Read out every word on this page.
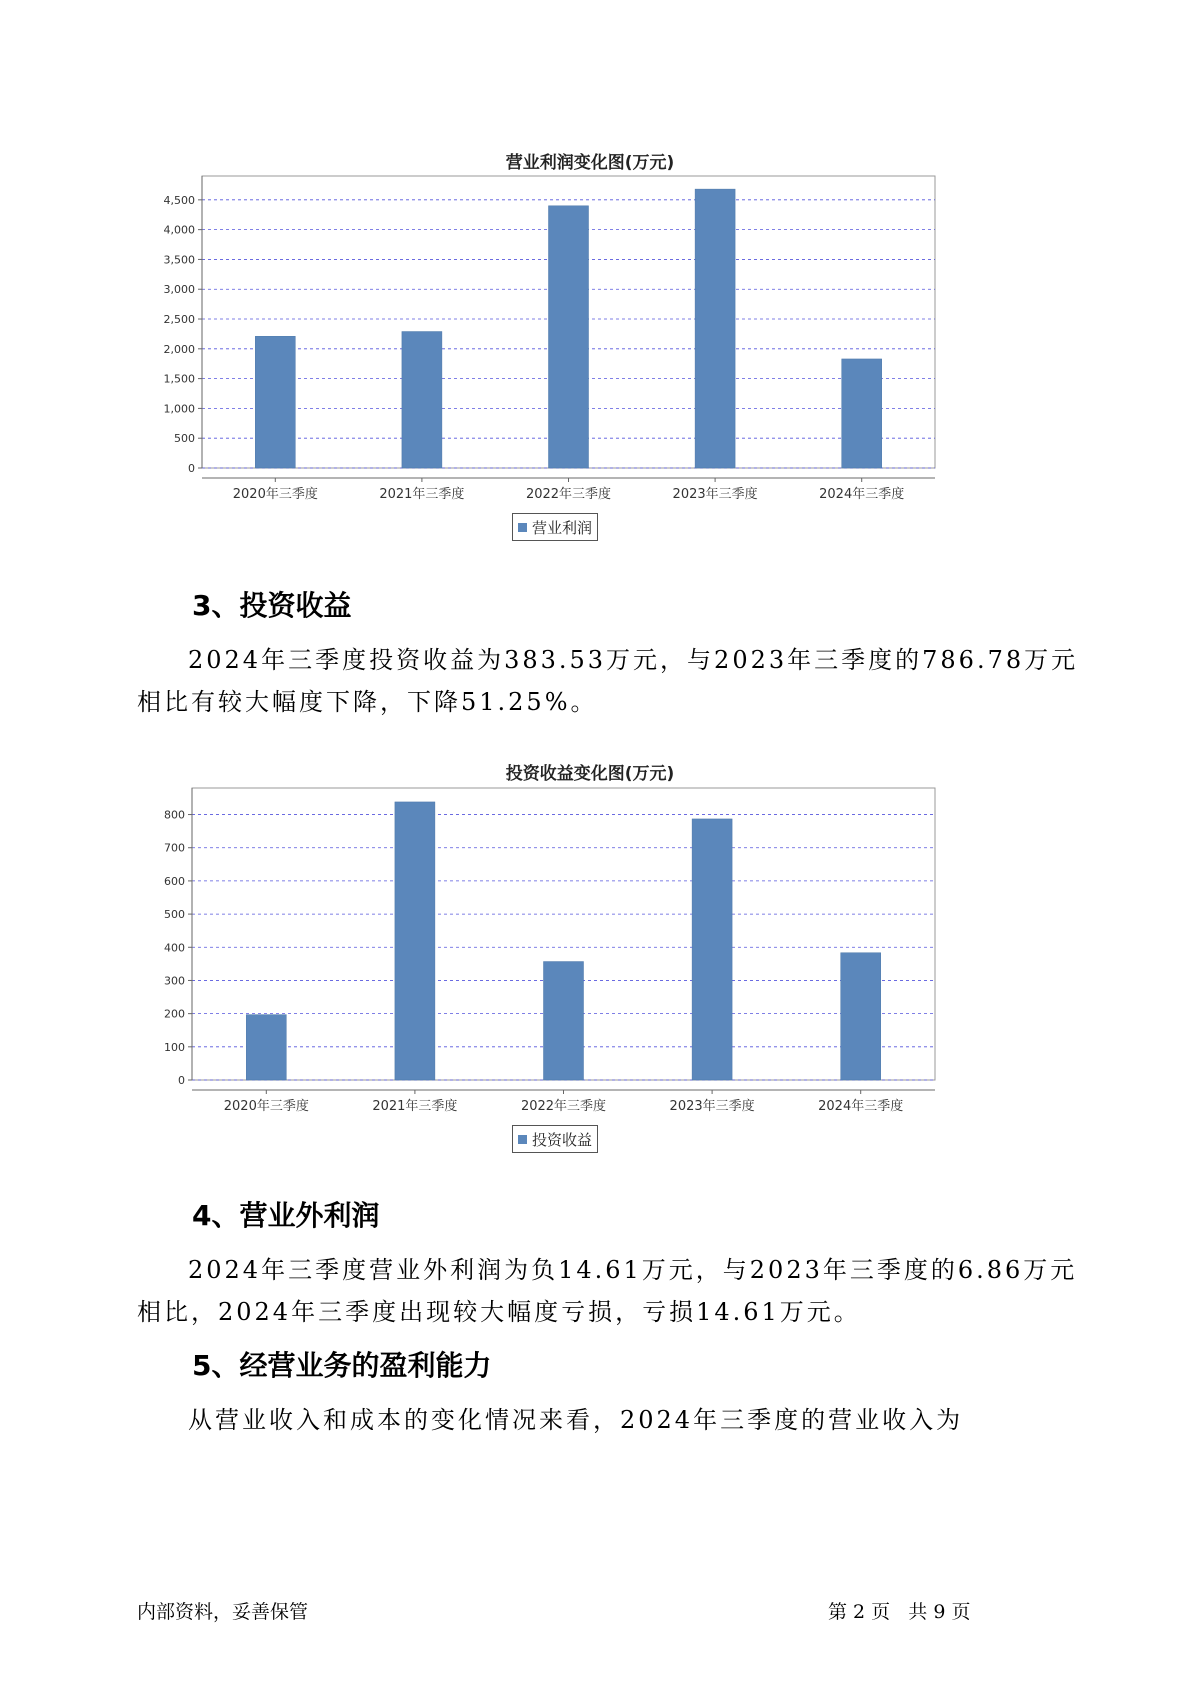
营业利润变化图(万元)
0
500
1,000
1,500
2,000
2,500
3,000
3,500
4,000
4,500
2020年三季度	2021年三季度	2022年三季度	2023年三季度	2024年三季度
营业利润
3、投资收益
2024年三季度投资收益为383.53万元，与2023年三季度的786.78万元
相比有较大幅度下降，下降51.25%。
投资收益变化图(万元)
0
100
200
300
400
500
600
700
800
2020年三季度	2021年三季度	2022年三季度	2023年三季度	2024年三季度
投资收益
4、营业外利润
2024年三季度营业外利润为负14.61万元，与2023年三季度的6.86万元
相比，2024年三季度出现较大幅度亏损，亏损14.61万元。
5、经营业务的盈利能力
从营业收入和成本的变化情况来看，2024年三季度的营业收入为
内部资料，妥善保管	第 2 页   共 9 页
